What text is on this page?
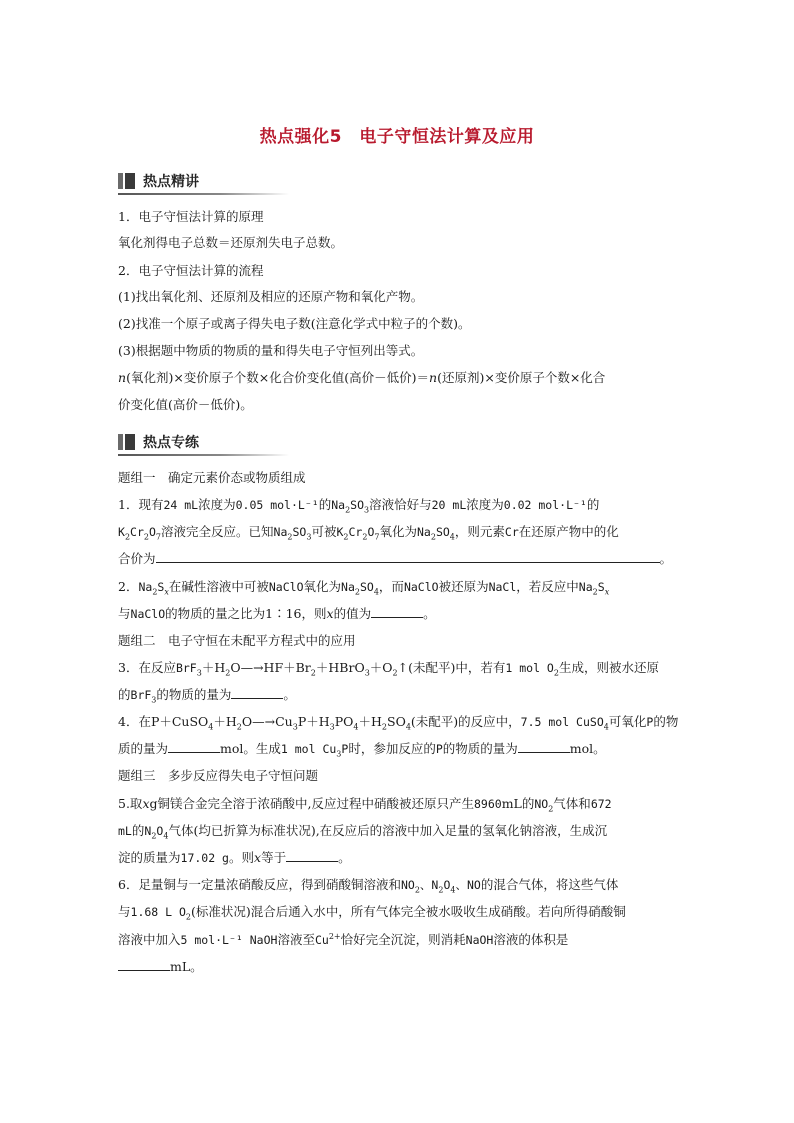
热点强化5　电子守恒法计算及应用
热点精讲
1．电子守恒法计算的原理
氧化剂得电子总数＝还原剂失电子总数。
2．电子守恒法计算的流程
(1)找出氧化剂、还原剂及相应的还原产物和氧化产物。
(2)找准一个原子或离子得失电子数(注意化学式中粒子的个数)。
(3)根据题中物质的物质的量和得失电子守恒列出等式。
n(氧化剂)×变价原子个数×化合价变化值(高价－低价)＝n(还原剂)×变价原子个数×化合
价变化值(高价－低价)。
热点专练
题组一　确定元素价态或物质组成
1．现有24 mL浓度为0.05 mol·L⁻¹的$Na_2SO_3$溶液恰好与20 mL浓度为0.02 mol·L⁻¹的
$K_2Cr_2O_7$溶液完全反应。已知$Na_2SO_3$可被$K_2Cr_2O_7$氧化为$Na_2SO_4$，则元素Cr在还原产物中的化
合价为	。
2．$Na_2S_x$在碱性溶液中可被NaClO氧化为$Na_2SO_4$，而NaClO被还原为NaCl，若反应中$Na_2S_x$
与NaClO的物质的量之比为1∶16，则x的值为	。
题组二　电子守恒在未配平方程式中的应用
3．在反应$BrF_3+H_2O—\to HF+Br_2+HBrO_3+O_2↑$(未配平)中，若有1 mol $O_2$生成，则被水还原
的BrF$_3$的物质的量为	。
4．在$P+CuSO_4+H_2O—\to Cu_3P+H_3PO_4+H_2SO_4$(未配平)的反应中，7.5 mol CuSO$_4$可氧化P的物
质的量为	mol。生成1 mol $Cu_3P$时，参加反应的P的物质的量为	mol。
题组三　多步反应得失电子守恒问题
5.取xg铜镁合金完全溶于浓硝酸中,反应过程中硝酸被还原只产生8960mL的$NO_2$气体和672
mL的$N_2O_4$气体(均已折算为标准状况),在反应后的溶液中加入足量的氢氧化钠溶液，生成沉
淀的质量为17.02 g。则x等于	。
6．足量铜与一定量浓硝酸反应，得到硝酸铜溶液和$NO_2$、$N_2O_4$、NO的混合气体，将这些气体
与1.68 L $O_2$(标准状况)混合后通入水中，所有气体完全被水吸收生成硝酸。若向所得硝酸铜
溶液中加入5 mol·L⁻¹ NaOH溶液至$Cu^{2+}$恰好完全沉淀，则消耗NaOH溶液的体积是
mL。
